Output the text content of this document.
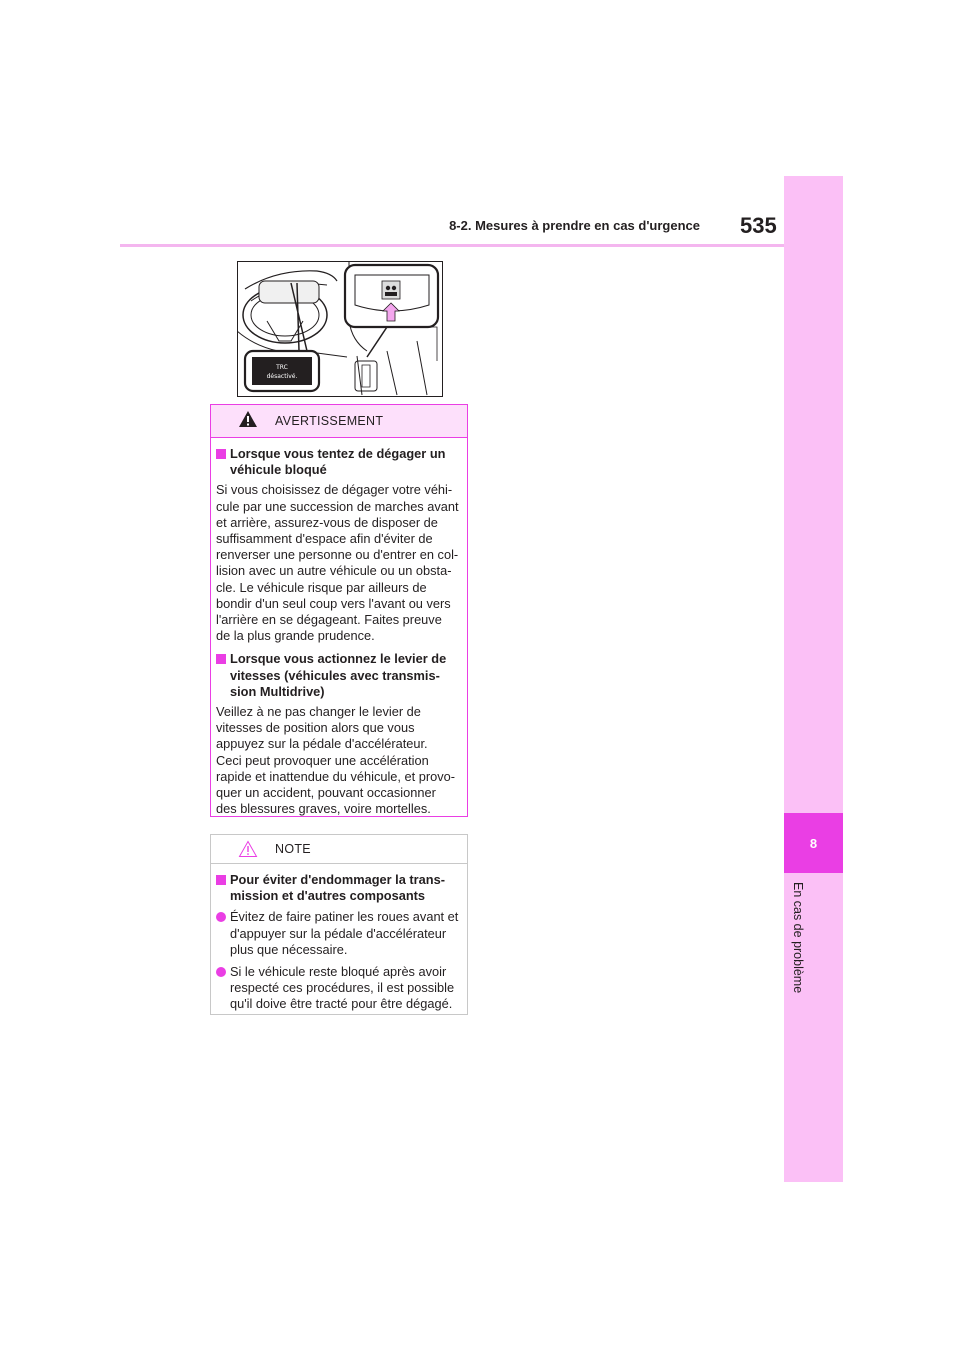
8
En cas de problème
8-2. Mesures à prendre en cas d'urgence 535
TRC
désactivé.
AVERTISSEMENT
Lorsque vous tentez de dégager un
véhicule bloqué
Si vous choisissez de dégager votre véhi-
cule par une succession de marches avant
et arrière, assurez-vous de disposer de
suffisamment d'espace afin d'éviter de
renverser une personne ou d'entrer en col-
lision avec un autre véhicule ou un obsta-
cle. Le véhicule risque par ailleurs de
bondir d'un seul coup vers l'avant ou vers
l'arrière en se dégageant. Faites preuve
de la plus grande prudence.
Lorsque vous actionnez le levier de
vitesses (véhicules avec transmis-
sion Multidrive)
Veillez à ne pas changer le levier de
vitesses de position alors que vous
appuyez sur la pédale d'accélérateur.
Ceci peut provoquer une accélération
rapide et inattendue du véhicule, et provo-
quer un accident, pouvant occasionner
des blessures graves, voire mortelles.
NOTE
Pour éviter d'endommager la trans-
mission et d'autres composants
Évitez de faire patiner les roues avant et
d'appuyer sur la pédale d'accélérateur
plus que nécessaire.
Si le véhicule reste bloqué après avoir
respecté ces procédures, il est possible
qu'il doive être tracté pour être dégagé.
